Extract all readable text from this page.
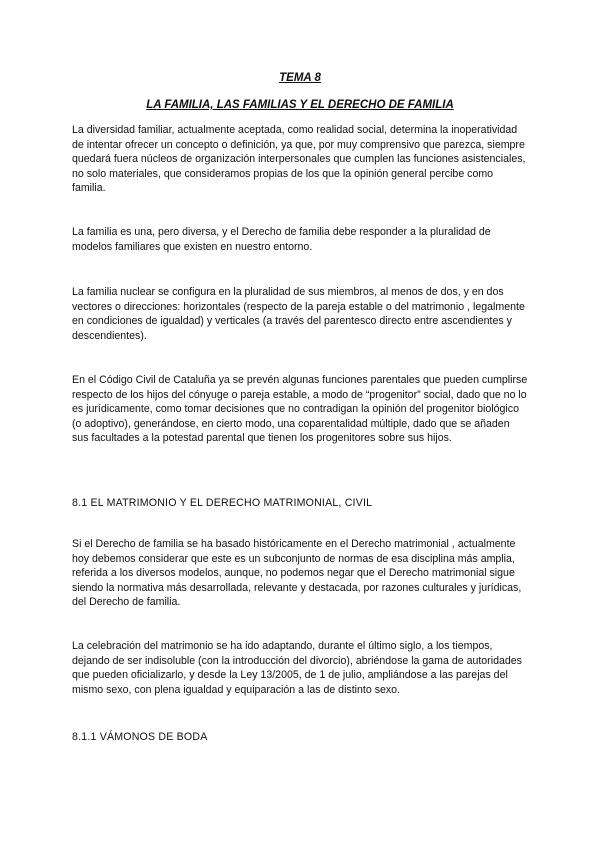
TEMA 8
LA FAMILIA, LAS FAMILIAS Y EL DERECHO DE FAMILIA

La diversidad familiar, actualmente aceptada, como realidad social, determina la inoperatividad de intentar ofrecer un concepto o definición, ya que, por muy comprensivo que parezca, siempre quedará fuera núcleos de organización interpersonales que cumplen las funciones asistenciales, no solo materiales, que consideramos propias de los que la opinión general percibe como familia.

La familia es una, pero diversa, y el Derecho de familia debe responder a la pluralidad de modelos familiares que existen en nuestro entorno.

La familia nuclear se configura en la pluralidad de sus miembros, al menos de dos, y en dos vectores o direcciones: horizontales (respecto de la pareja estable o del matrimonio , legalmente en condiciones de igualdad) y verticales (a través del parentesco directo entre ascendientes y descendientes).

En el Código Civil de Cataluña ya se prevén algunas funciones parentales que pueden cumplirse respecto de los hijos del cónyuge o pareja estable, a modo de “progenitor” social, dado que no lo es jurídicamente, como tomar decisiones que no contradigan la opinión del progenitor biológico (o adoptivo), generándose, en cierto modo, una coparentalidad múltiple, dado que se añaden sus facultades a la potestad parental que tienen los progenitores sobre sus hijos.

8.1 EL MATRIMONIO Y EL DERECHO MATRIMONIAL, CIVIL

Si el Derecho de familia se ha basado históricamente en el Derecho matrimonial , actualmente hoy debemos considerar que este es un subconjunto de normas de esa disciplina más amplia, referida a los diversos modelos, aunque, no podemos negar que el Derecho matrimonial sigue siendo la normativa más desarrollada, relevante y destacada, por razones culturales y jurídicas, del Derecho de familia.

La celebración del matrimonio se ha ido adaptando, durante el último siglo, a los tiempos, dejando de ser indisoluble (con la introducción del divorcio), abriéndose la gama de autoridades que pueden oficializarlo, y desde la Ley 13/2005, de 1 de julio, ampliándose a las parejas del mismo sexo, con plena igualdad y equiparación a las de distinto sexo.

8.1.1 VÁMONOS DE BODA
